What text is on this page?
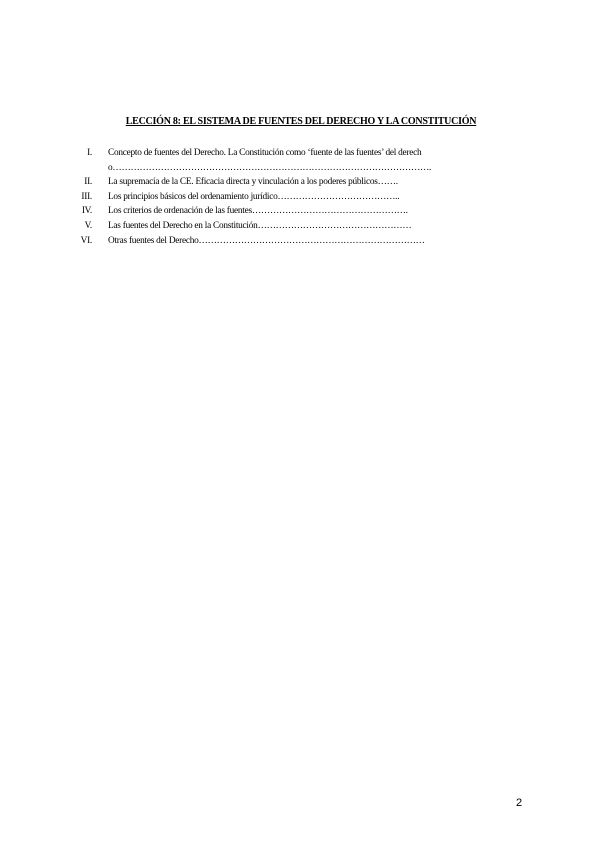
LECCIÓN 8: EL SISTEMA DE FUENTES DEL DERECHO Y LA CONSTITUCIÓN
I.	Concepto de fuentes del Derecho. La Constitución como ‘fuente de las fuentes’ del derecho…………………………………………………………………………………………….
II.	La supremacía de la CE. Eficacia directa y vinculación a los poderes públicos…….
III.	Los principios básicos del ordenamiento jurídico…………………………………..
IV.	Los criterios de ordenación de las fuentes…………………………………………….
V.	Las fuentes del Derecho en la Constitución……………………………………………
VI.	Otras fuentes del Derecho…………………………………………………………………
2
